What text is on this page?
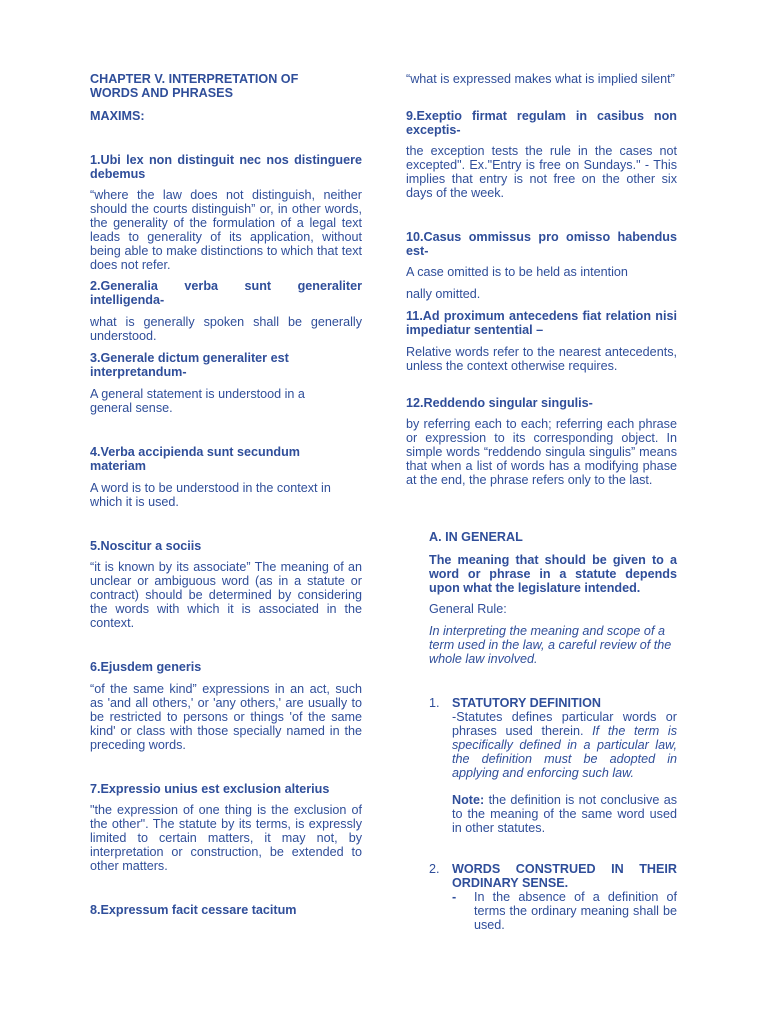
CHAPTER V. INTERPRETATION OF
WORDS AND PHRASES
MAXIMS:
1.Ubi lex non distinguit nec nos distinguere debemus
“where the law does not distinguish, neither should the courts distinguish” or, in other words, the generality of the formulation of a legal text leads to generality of its application, without being able to make distinctions to which that text does not refer.
2.Generalia verba sunt generaliter intelligenda-
what is generally spoken shall be generally understood.
3.Generale dictum generaliter est interpretandum-
A general statement is understood in a general sense.
4.Verba accipienda sunt secundum materiam
A word is to be understood in the context in which it is used.
5.Noscitur a sociis
“it is known by its associate” The meaning of an unclear or ambiguous word (as in a statute or contract) should be determined by considering the words with which it is associated in the context.
6.Ejusdem generis
“of the same kind” expressions in an act, such as 'and all others,' or 'any others,' are usually to be restricted to persons or things 'of the same kind' or class with those specially named in the preceding words.
7.Expressio unius est exclusion alterius
"the expression of one thing is the exclusion of the other". The statute by its terms, is expressly limited to certain matters, it may not, by interpretation or construction, be extended to other matters.
8.Expressum facit cessare tacitum
“what is expressed makes what is implied silent”
9.Exeptio firmat regulam in casibus non exceptis-
the exception tests the rule in the cases not excepted". Ex."Entry is free on Sundays." - This implies that entry is not free on the other six days of the week.
10.Casus ommissus pro omisso habendus est-
A case omitted is to be held as intention
nally omitted.
11.Ad proximum antecedens fiat relation nisi impediatur sentential –
Relative words refer to the nearest antecedents, unless the context otherwise requires.
12.Reddendo singular singulis-
by referring each to each; referring each phrase or expression to its corresponding object. In simple words “reddendo singula singulis” means that when a list of words has a modifying phase at the end, the phrase refers only to the last.
A. IN GENERAL
The meaning that should be given to a word or phrase in a statute depends upon what the legislature intended.
General Rule:
In interpreting the meaning and scope of a term used in the law, a careful review of the whole law involved.
1. STATUTORY DEFINITION
-Statutes defines particular words or phrases used therein. If the term is specifically defined in a particular law, the definition must be adopted in applying and enforcing such law.
Note: the definition is not conclusive as to the meaning of the same word used in other statutes.
2. WORDS CONSTRUED IN THEIR ORDINARY SENSE.
- In the absence of a definition of terms the ordinary meaning shall be used.
